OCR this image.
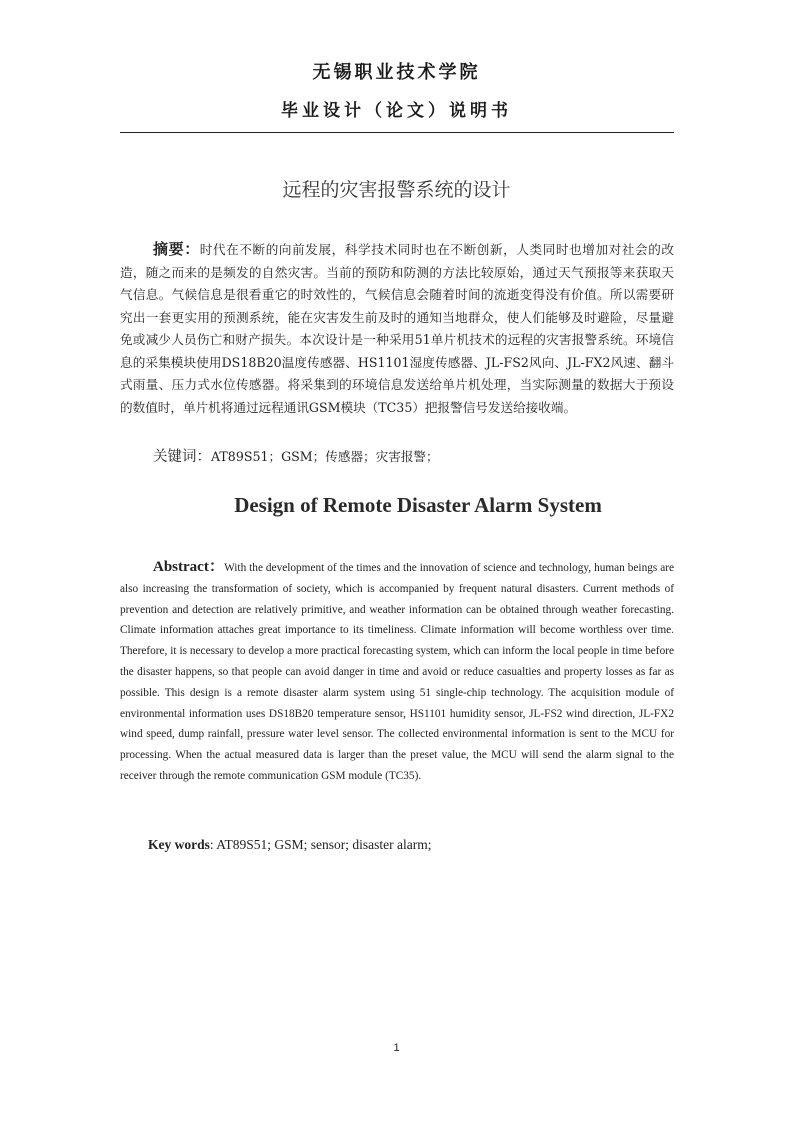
无锡职业技术学院
毕业设计（论文）说明书
远程的灾害报警系统的设计
摘要：时代在不断的向前发展，科学技术同时也在不断创新，人类同时也增加对社会的改造，随之而来的是频发的自然灾害。当前的预防和防测的方法比较原始，通过天气预报等来获取天气信息。气候信息是很看重它的时效性的，气候信息会随着时间的流逝变得没有价值。所以需要研究出一套更实用的预测系统，能在灾害发生前及时的通知当地群众，使人们能够及时避险，尽量避免或减少人员伤亡和财产损失。本次设计是一种采用51单片机技术的远程的灾害报警系统。环境信息的采集模块使用DS18B20温度传感器、HS1101湿度传感器、JL-FS2风向、JL-FX2风速、翻斗式雨量、压力式水位传感器。将采集到的环境信息发送给单片机处理，当实际测量的数据大于预设的数值时，单片机将通过远程通讯GSM模块（TC35）把报警信号发送给接收端。
关键词：AT89S51；GSM；传感器；灾害报警；
Design of Remote Disaster Alarm System
Abstract：With the development of the times and the innovation of science and technology, human beings are also increasing the transformation of society, which is accompanied by frequent natural disasters. Current methods of prevention and detection are relatively primitive, and weather information can be obtained through weather forecasting. Climate information attaches great importance to its timeliness. Climate information will become worthless over time. Therefore, it is necessary to develop a more practical forecasting system, which can inform the local people in time before the disaster happens, so that people can avoid danger in time and avoid or reduce casualties and property losses as far as possible. This design is a remote disaster alarm system using 51 single-chip technology. The acquisition module of environmental information uses DS18B20 temperature sensor, HS1101 humidity sensor, JL-FS2 wind direction, JL-FX2 wind speed, dump rainfall, pressure water level sensor. The collected environmental information is sent to the MCU for processing. When the actual measured data is larger than the preset value, the MCU will send the alarm signal to the receiver through the remote communication GSM module (TC35).
Key words: AT89S51; GSM; sensor; disaster alarm;
1
